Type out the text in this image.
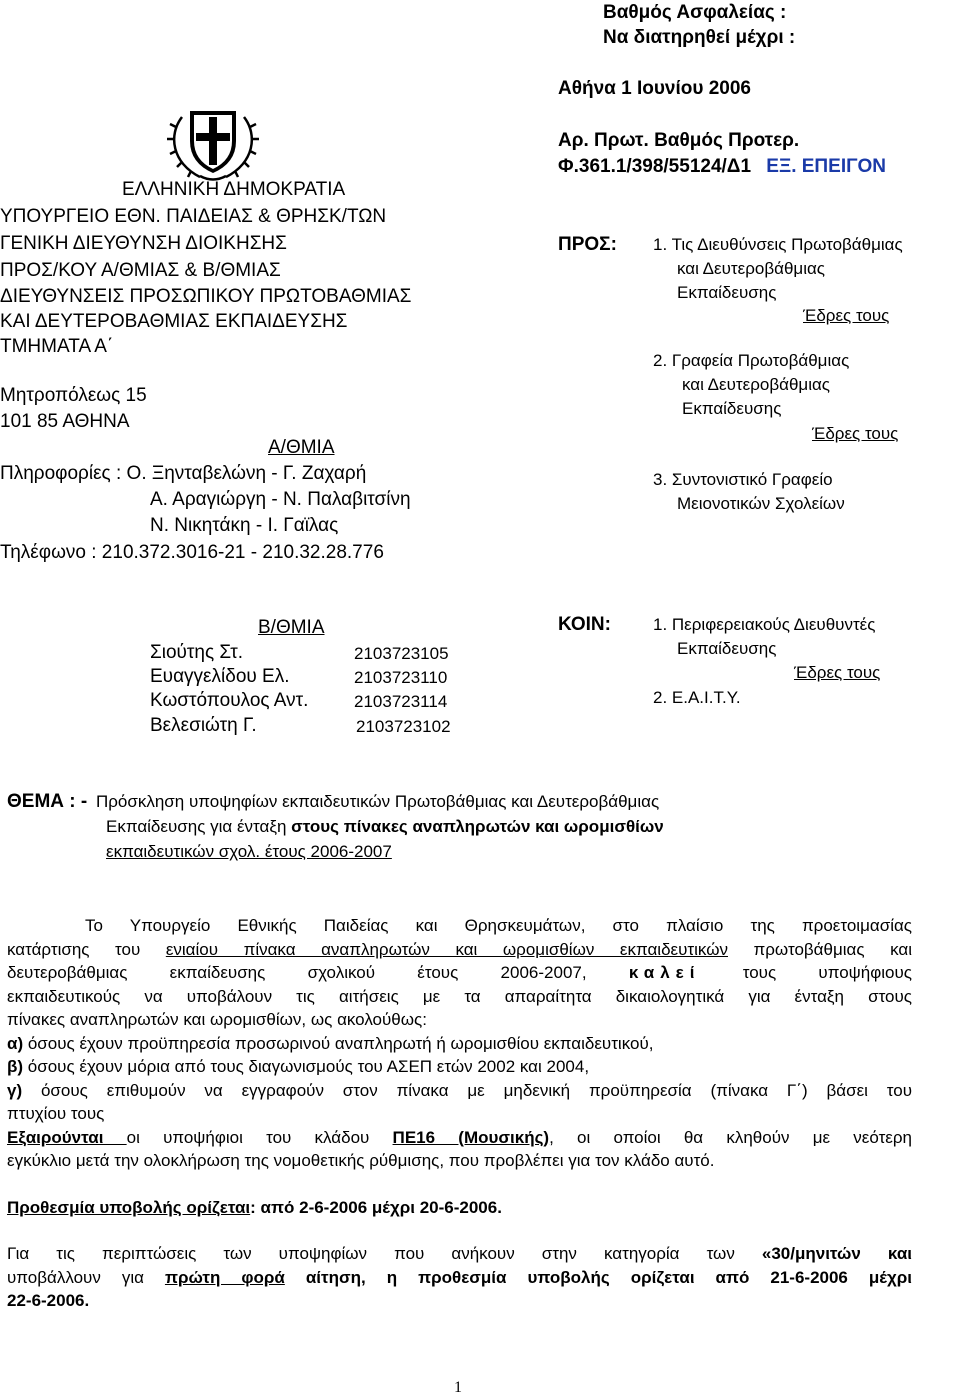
Βαθμός Ασφαλείας :
Να διατηρηθεί μέχρι :
Αθήνα 1 Ιουνίου 2006
ΕΛΛΗΝΙΚΗ ΔΗΜΟΚΡΑΤΙΑ
ΥΠΟΥΡΓΕΙΟ ΕΘΝ. ΠΑΙΔΕΙΑΣ & ΘΡΗΣΚ/ΤΩΝ
ΓΕΝΙΚΗ ΔΙΕΥΘΥΝΣΗ ΔΙΟΙΚΗΣΗΣ
ΠΡΟΣ/ΚΟΥ Α/ΘΜΙΑΣ & Β/ΘΜΙΑΣ
ΔΙΕΥΘΥΝΣΕΙΣ ΠΡΟΣΩΠΙΚΟΥ ΠΡΩΤΟΒΑΘΜΙΑΣ
ΚΑΙ ΔΕΥΤΕΡΟΒΑΘΜΙΑΣ ΕΚΠΑΙΔΕΥΣΗΣ
ΤΜΗΜΑΤΑ Α΄
Μητροπόλεως 15
101 85 ΑΘΗΝΑ
Α/ΘΜΙΑ
Πληροφορίες : Ο. Ξηνταβελώνη - Γ. Ζαχαρή
Α. Αραγιώργη - Ν. Παλαβιτσίνη
Ν. Νικητάκη - Ι. Γαϊλας
Τηλέφωνο : 210.372.3016-21 - 210.32.28.776
Αρ. Πρωτ. Βαθμός Προτερ.
Φ.361.1/398/55124/Δ1 ΕΞ. ΕΠΕΙΓΟΝ
ΠΡΟΣ: 1. Τις Διευθύνσεις Πρωτοβάθμιας
και Δευτεροβάθμιας
Εκπαίδευσης
Έδρες τους
2. Γραφεία Πρωτοβάθμιας
και Δευτεροβάθμιας
Εκπαίδευσης
Έδρες τους
3. Συντονιστικό Γραφείο
Μειονοτικών Σχολείων
Β/ΘΜΙΑ
Σιούτης Στ.	2103723105
Ευαγγελίδου Ελ.	2103723110
Κωστόπουλος Αντ.	2103723114
Βελεσιώτη Γ.	2103723102
ΚΟΙΝ: 1. Περιφερειακούς Διευθυντές
Εκπαίδευσης
Έδρες τους
2. Ε.Α.Ι.Τ.Υ.
ΘΕΜΑ : - Πρόσκληση υποψηφίων εκπαιδευτικών Πρωτοβάθμιας και Δευτεροβάθμιας
Εκπαίδευσης για ένταξη στους πίνακες αναπληρωτών και ωρομισθίων
εκπαιδευτικών σχολ. έτους 2006-2007

Το Υπουργείο Εθνικής Παιδείας και Θρησκευμάτων, στο πλαίσιο της προετοιμασίας

κατάρτισης του ενιαίου πίνακα αναπληρωτών και ωρομισθίων εκπαιδευτικών πρωτοβάθμιας και

δευτεροβάθμιας εκπαίδευσης σχολικού έτους 2006-2007, καλεί τους υποψήφιους

εκπαιδευτικούς να υποβάλουν τις αιτήσεις με τα απαραίτητα δικαιολογητικά για ένταξη στους

πίνακες αναπληρωτών και ωρομισθίων, ως ακολούθως:

α) όσους έχουν προϋπηρεσία προσωρινού αναπληρωτή ή ωρομισθίου εκπαιδευτικού,

β) όσους έχουν μόρια από τους διαγωνισμούς του ΑΣΕΠ ετών 2002 και 2004,

γ) όσους επιθυμούν να εγγραφούν στον πίνακα με μηδενική προϋπηρεσία (πίνακα Γ΄) βάσει του

πτυχίου τους

Εξαιρούνται οι υποψήφιοι του κλάδου ΠΕ16 (Μουσικής), οι οποίοι θα κληθούν με νεότερη

εγκύκλιο μετά την ολοκλήρωση της νομοθετικής ρύθμισης, που προβλέπει για τον κλάδο αυτό.

Προθεσμία υποβολής ορίζεται: από 2-6-2006 μέχρι 20-6-2006.

Για τις περιπτώσεις των υποψηφίων που ανήκουν στην κατηγορία των «30/μηνιτών και

υποβάλλουν για πρώτη φορά αίτηση, η προθεσμία υποβολής ορίζεται από 21-6-2006 μέχρι

22-6-2006.

1
